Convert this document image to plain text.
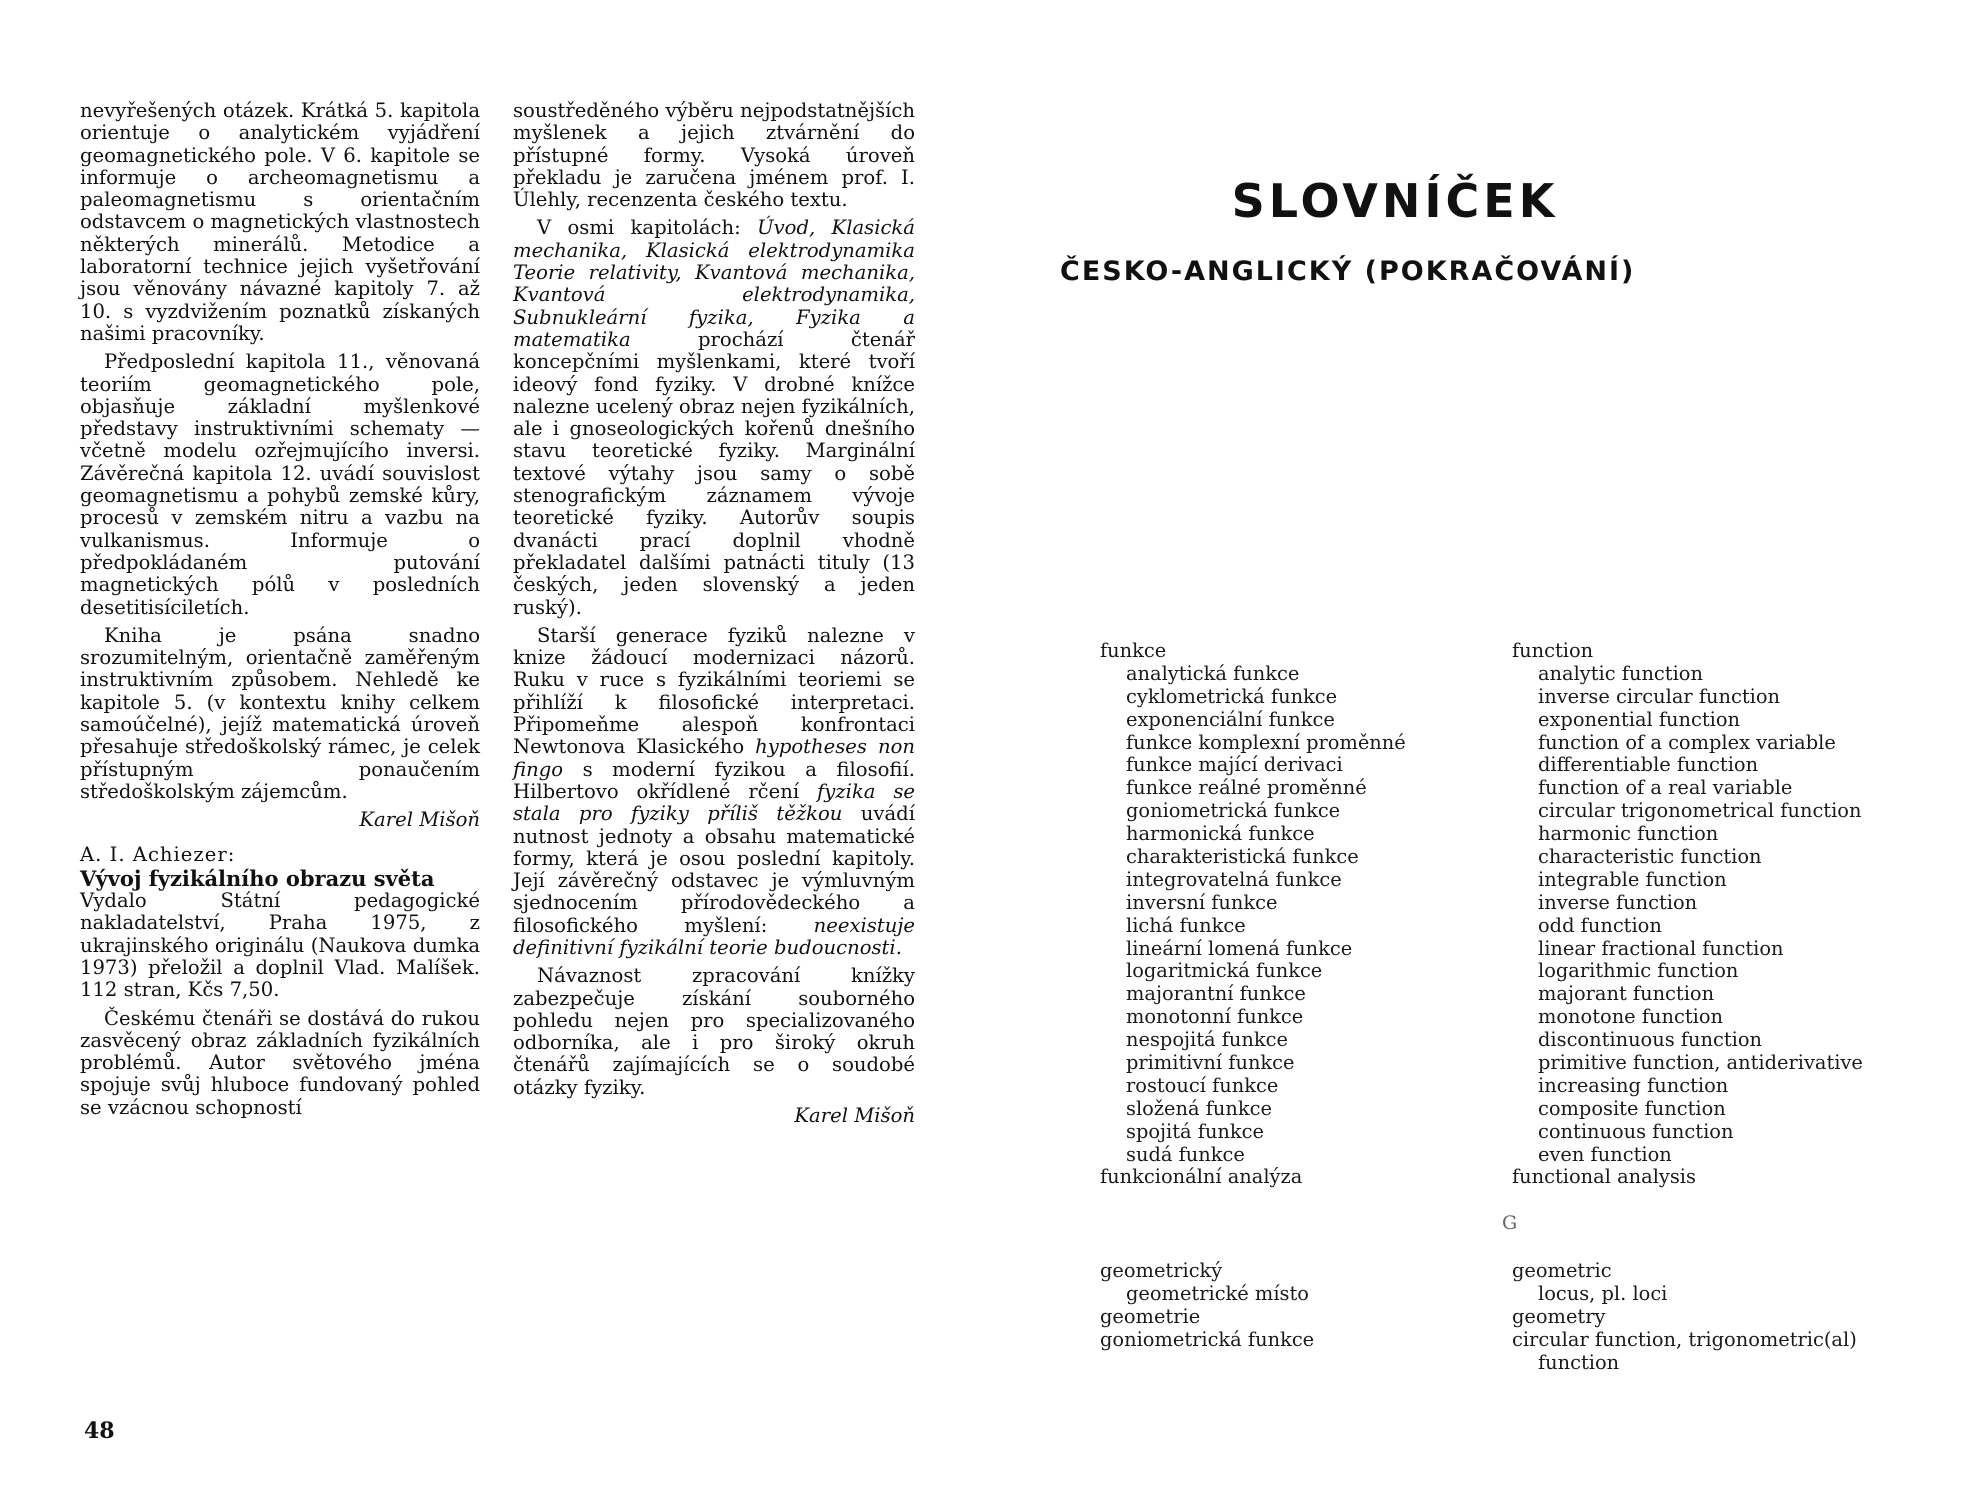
nevyřešených otázek. Krátká 5. kapitola orientuje o analytickém vyjádření geomagnetického pole. V 6. kapitole se informuje o archeomagnetismu a paleomagnetismu s orientačním odstavcem o magnetických vlastnostech některých minerálů. Metodice a laboratorní technice jejich vyšetřování jsou věnovány návazné kapitoly 7. až 10. s vyzdvižením poznatků získaných našimi pracovníky.

Předposlední kapitola 11., věnovaná teoriím geomagnetického pole, objasňuje základní myšlenkové představy instruktivními schematy — včetně modelu ozřejmujícího inversi. Závěrečná kapitola 12. uvádí souvislost geomagnetismu a pohybů zemské kůry, procesů v zemském nitru a vazbu na vulkanismus. Informuje o předpokládaném putování magnetických pólů v posledních desetitisíciletích.

Kniha je psána snadno srozumitelným, orientačně zaměřeným instruktivním způsobem. Nehledě ke kapitole 5. (v kontextu knihy celkem samoúčelné), jejíž matematická úroveň přesahuje středoškolský rámec, je celek přístupným ponaučením středoškolským zájemcům.

Karel Mišoň
A. I. Achiezer:
Vývoj fyzikálního obrazu světa

Vydalo Státní pedagogické nakladatelství, Praha 1975, z ukrajinského originálu (Naukova dumka 1973) přeložil a doplnil Vlad. Malíšek. 112 stran, Kčs 7,50.

Českému čtenáři se dostává do rukou zasvěcený obraz základních fyzikálních problémů. Autor světového jména spojuje svůj hluboce fundovaný pohled se vzácnou schopností

soustředěného výběru nejpodstatnějších myšlenek a jejich ztvárnění do přístupné formy. Vysoká úroveň překladu je zaručena jménem prof. I. Úlehly, recenzenta českého textu.

V osmi kapitolách: Úvod, Klasická mechanika, Klasická elektrodynamika Teorie relativity, Kvantová mechanika, Kvantová elektrodynamika, Subnukleární fyzika, Fyzika a matematika prochází čtenář koncepčními myšlenkami, které tvoří ideový fond fyziky. V drobné knížce nalezne ucelený obraz nejen fyzikálních, ale i gnoseologických kořenů dnešního stavu teoretické fyziky. Marginální textové výtahy jsou samy o sobě stenografickým záznamem vývoje teoretické fyziky. Autorův soupis dvanácti prací doplnil vhodně překladatel dalšími patnácti tituly (13 českých, jeden slovenský a jeden ruský).

Starší generace fyziků nalezne v knize žádoucí modernizaci názorů. Ruku v ruce s fyzikálními teoriemi se přihlíží k filosofické interpretaci. Připomeňme alespoň konfrontaci Newtonova Klasického hypotheses non fingo s moderní fyzikou a filosofií. Hilbertovo okřídlené rčení fyzika se stala pro fyziky příliš těžkou uvádí nutnost jednoty a obsahu matematické formy, která je osou poslední kapitoly. Její závěrečný odstavec je výmluvným sjednocením přírodovědeckého a filosofického myšlení: neexistuje definitivní fyzikální teorie budoucnosti.

Návaznost zpracování knížky zabezpečuje získání souborného pohledu nejen pro specializovaného odborníka, ale i pro široký okruh čtenářů zajímajících se o soudobé otázky fyziky.

Karel Mišoň
48
SLOVNÍČEK
ČESKO-ANGLICKÝ (POKRAČOVÁNÍ)
funkce
analytická funkce
cyklometrická funkce
exponenciální funkce
funkce komplexní proměnné
funkce mající derivaci
funkce reálné proměnné
goniometrická funkce
harmonická funkce
charakteristická funkce
integrovatelná funkce
inversní funkce
lichá funkce
lineární lomená funkce
logaritmická funkce
majorantní funkce
monotonní funkce
nespojitá funkce
primitivní funkce
rostoucí funkce
složená funkce
spojitá funkce
sudá funkce
funkcionální analýza
function
analytic function
inverse circular function
exponential function
function of a complex variable
differentiable function
function of a real variable
circular trigonometrical function
harmonic function
characteristic function
integrable function
inverse function
odd function
linear fractional function
logarithmic function
majorant function
monotone function
discontinuous function
primitive function, antiderivative
increasing function
composite function
continuous function
even function
functional analysis
G
geometrický
geometrické místo
geometrie
goniometrická funkce
geometric
locus, pl. loci
geometry
circular function, trigonometric(al)
function
